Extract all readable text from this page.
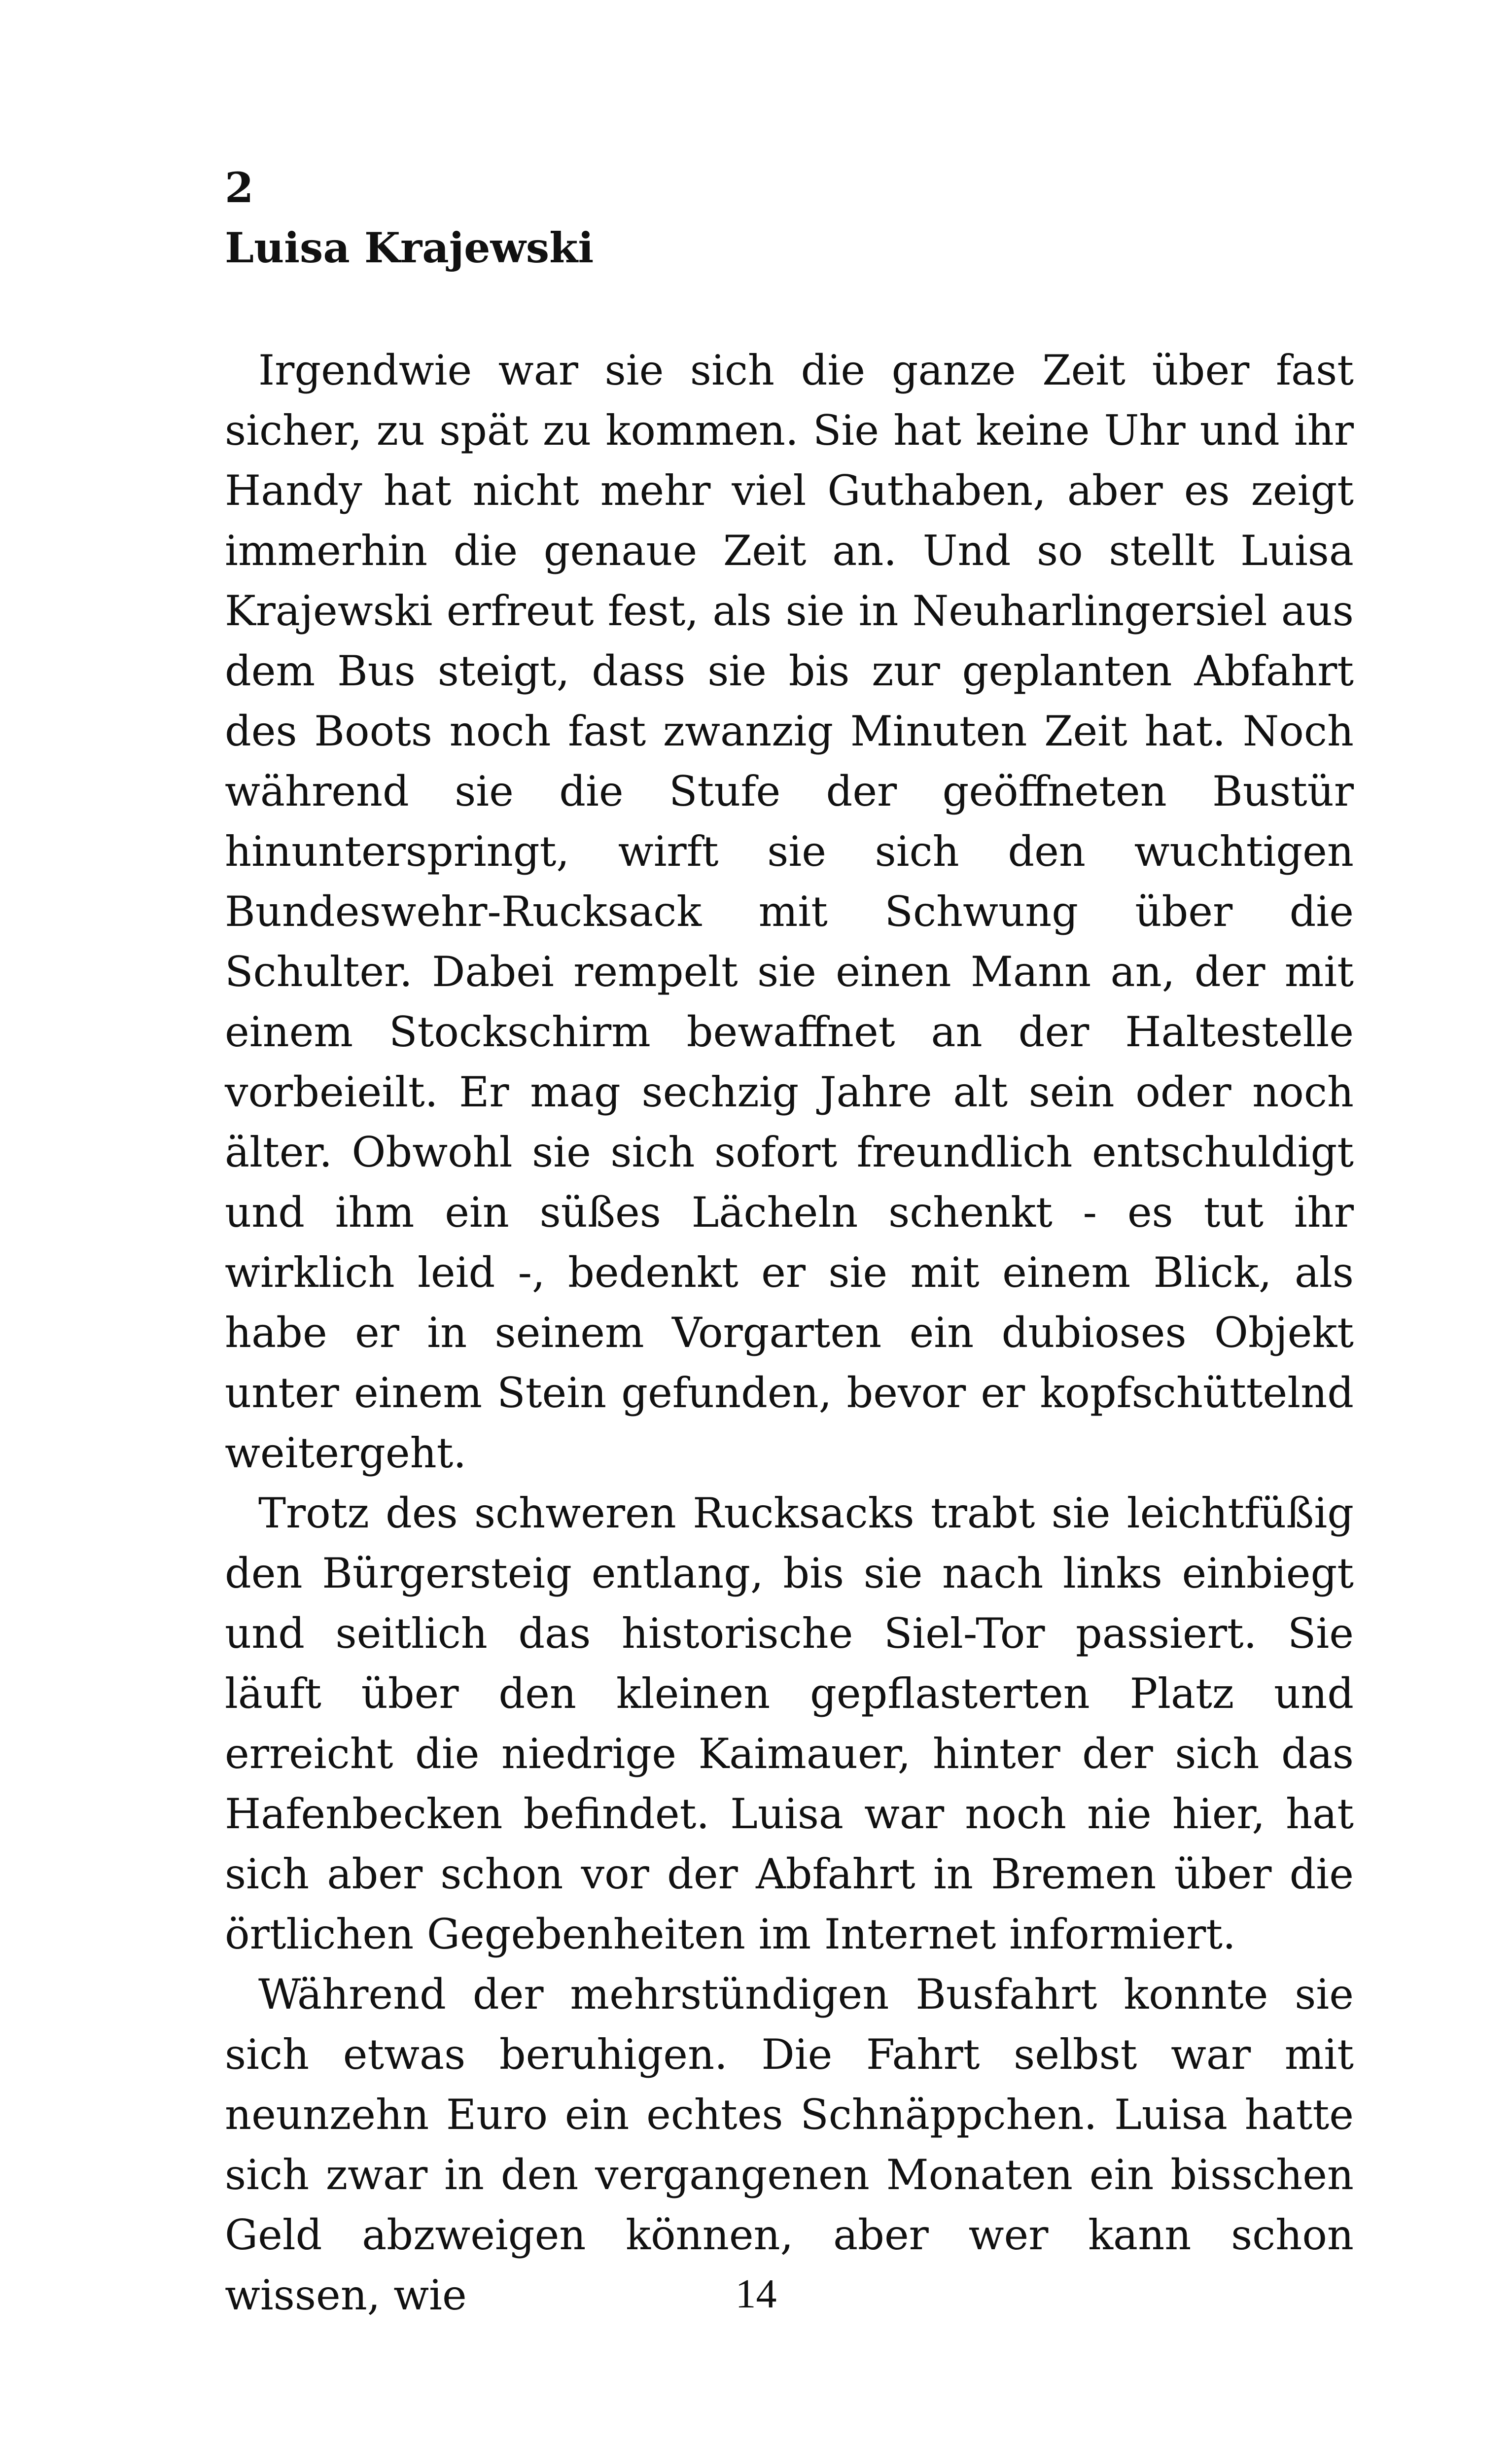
2
Luisa Krajewski

Irgendwie war sie sich die ganze Zeit über fast sicher, zu spät zu kommen. Sie hat keine Uhr und ihr Handy hat nicht mehr viel Guthaben, aber es zeigt immerhin die genaue Zeit an. Und so stellt Luisa Krajewski erfreut fest, als sie in Neuharlingersiel aus dem Bus steigt, dass sie bis zur geplanten Abfahrt des Boots noch fast zwanzig Minuten Zeit hat. Noch während sie die Stufe der geöffneten Bustür hinunterspringt, wirft sie sich den wuchtigen Bundeswehr-Rucksack mit Schwung über die Schulter. Dabei rempelt sie einen Mann an, der mit einem Stockschirm bewaffnet an der Haltestelle vorbeieilt. Er mag sechzig Jahre alt sein oder noch älter. Obwohl sie sich sofort freundlich entschuldigt und ihm ein süßes Lächeln schenkt - es tut ihr wirklich leid -, bedenkt er sie mit einem Blick, als habe er in seinem Vorgarten ein dubioses Objekt unter einem Stein gefunden, bevor er kopfschüttelnd weitergeht.

Trotz des schweren Rucksacks trabt sie leichtfüßig den Bürgersteig entlang, bis sie nach links einbiegt und seitlich das historische Siel-Tor passiert. Sie läuft über den kleinen gepflasterten Platz und erreicht die niedrige Kaimauer, hinter der sich das Hafenbecken befindet. Luisa war noch nie hier, hat sich aber schon vor der Abfahrt in Bremen über die örtlichen Gegebenheiten im Internet informiert.

Während der mehrstündigen Busfahrt konnte sie sich etwas beruhigen. Die Fahrt selbst war mit neunzehn Euro ein echtes Schnäppchen. Luisa hatte sich zwar in den vergangenen Monaten ein bisschen Geld abzweigen können, aber wer kann schon wissen, wie	14
